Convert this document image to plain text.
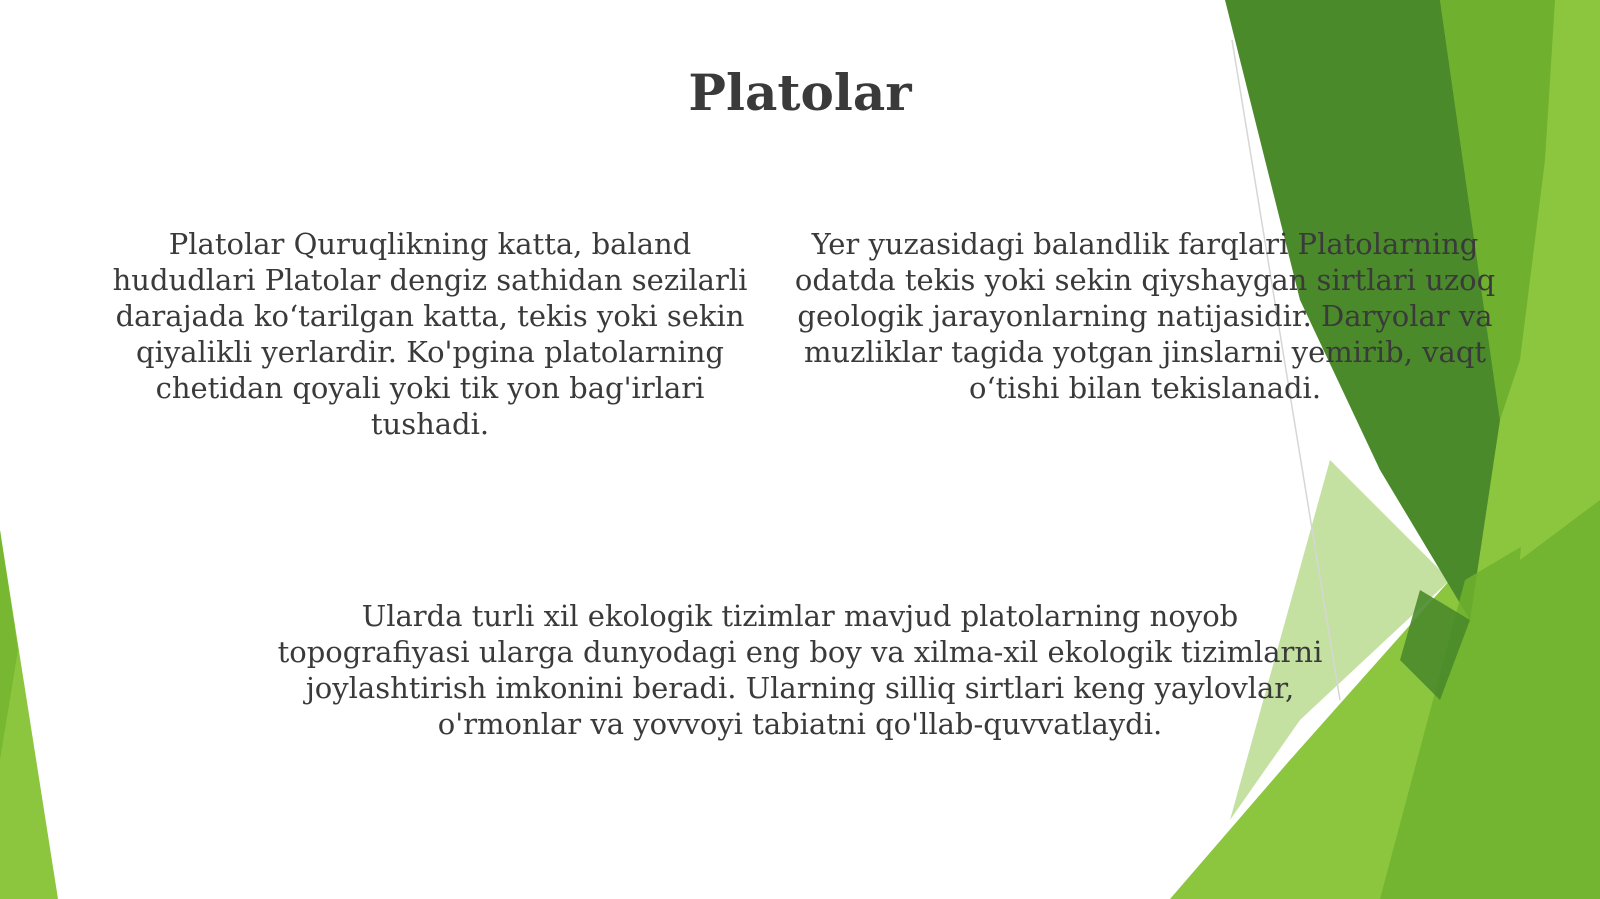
Platolar

Platolar Quruqlikning katta, baland hududlari Platolar dengiz sathidan sezilarli darajada ko‘tarilgan katta, tekis yoki sekin qiyalikli yerlardir. Ko'pgina platolarning chetidan qoyali yoki tik yon bag'irlari tushadi.

Yer yuzasidagi balandlik farqlari Platolarning odatda tekis yoki sekin qiyshaygan sirtlari uzoq geologik jarayonlarning natijasidir. Daryolar va muzliklar tagida yotgan jinslarni yemirib, vaqt o‘tishi bilan tekislanadi.

Ularda turli xil ekologik tizimlar mavjud platolarning noyob topografiyasi ularga dunyodagi eng boy va xilma-xil ekologik tizimlarni joylashtirish imkonini beradi. Ularning silliq sirtlari keng yaylovlar, o'rmonlar va yovvoyi tabiatni qo'llab-quvvatlaydi.
